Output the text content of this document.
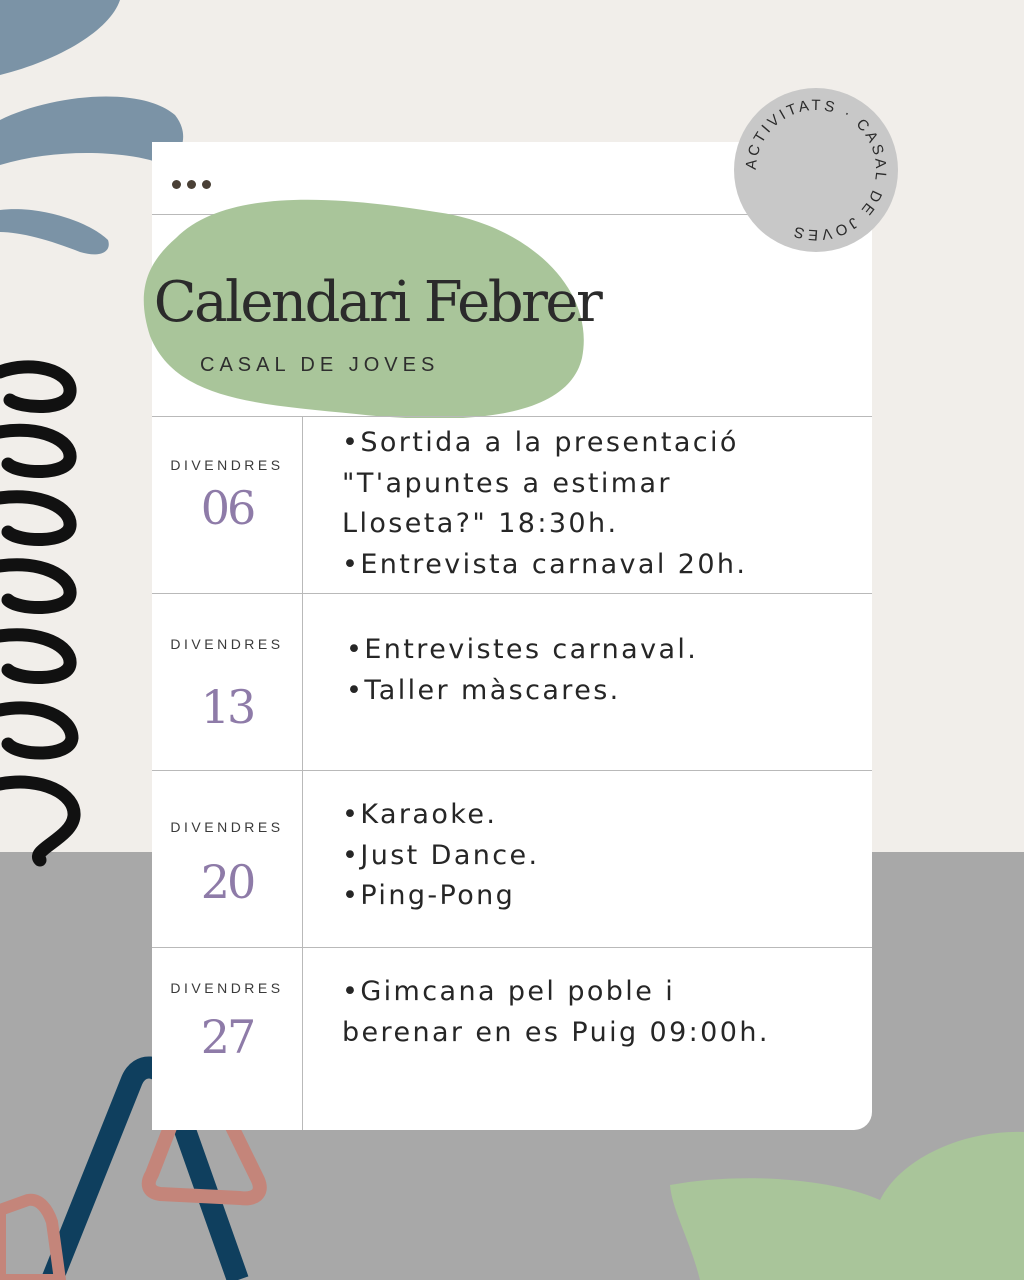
Calendari Febrer
CASAL DE JOVES
DIVENDRES
06
•Sortida a la presentació
"T'apuntes a estimar
Lloseta?" 18:30h.
•Entrevista carnaval 20h.
DIVENDRES
13
•Entrevistes carnaval.
•Taller màscares.
DIVENDRES
20
•Karaoke.
•Just Dance.
•Ping-Pong
DIVENDRES
27
•Gimcana pel poble i
berenar en es Puig 09:00h.
ACTIVITATS · CASAL DE JOVES
